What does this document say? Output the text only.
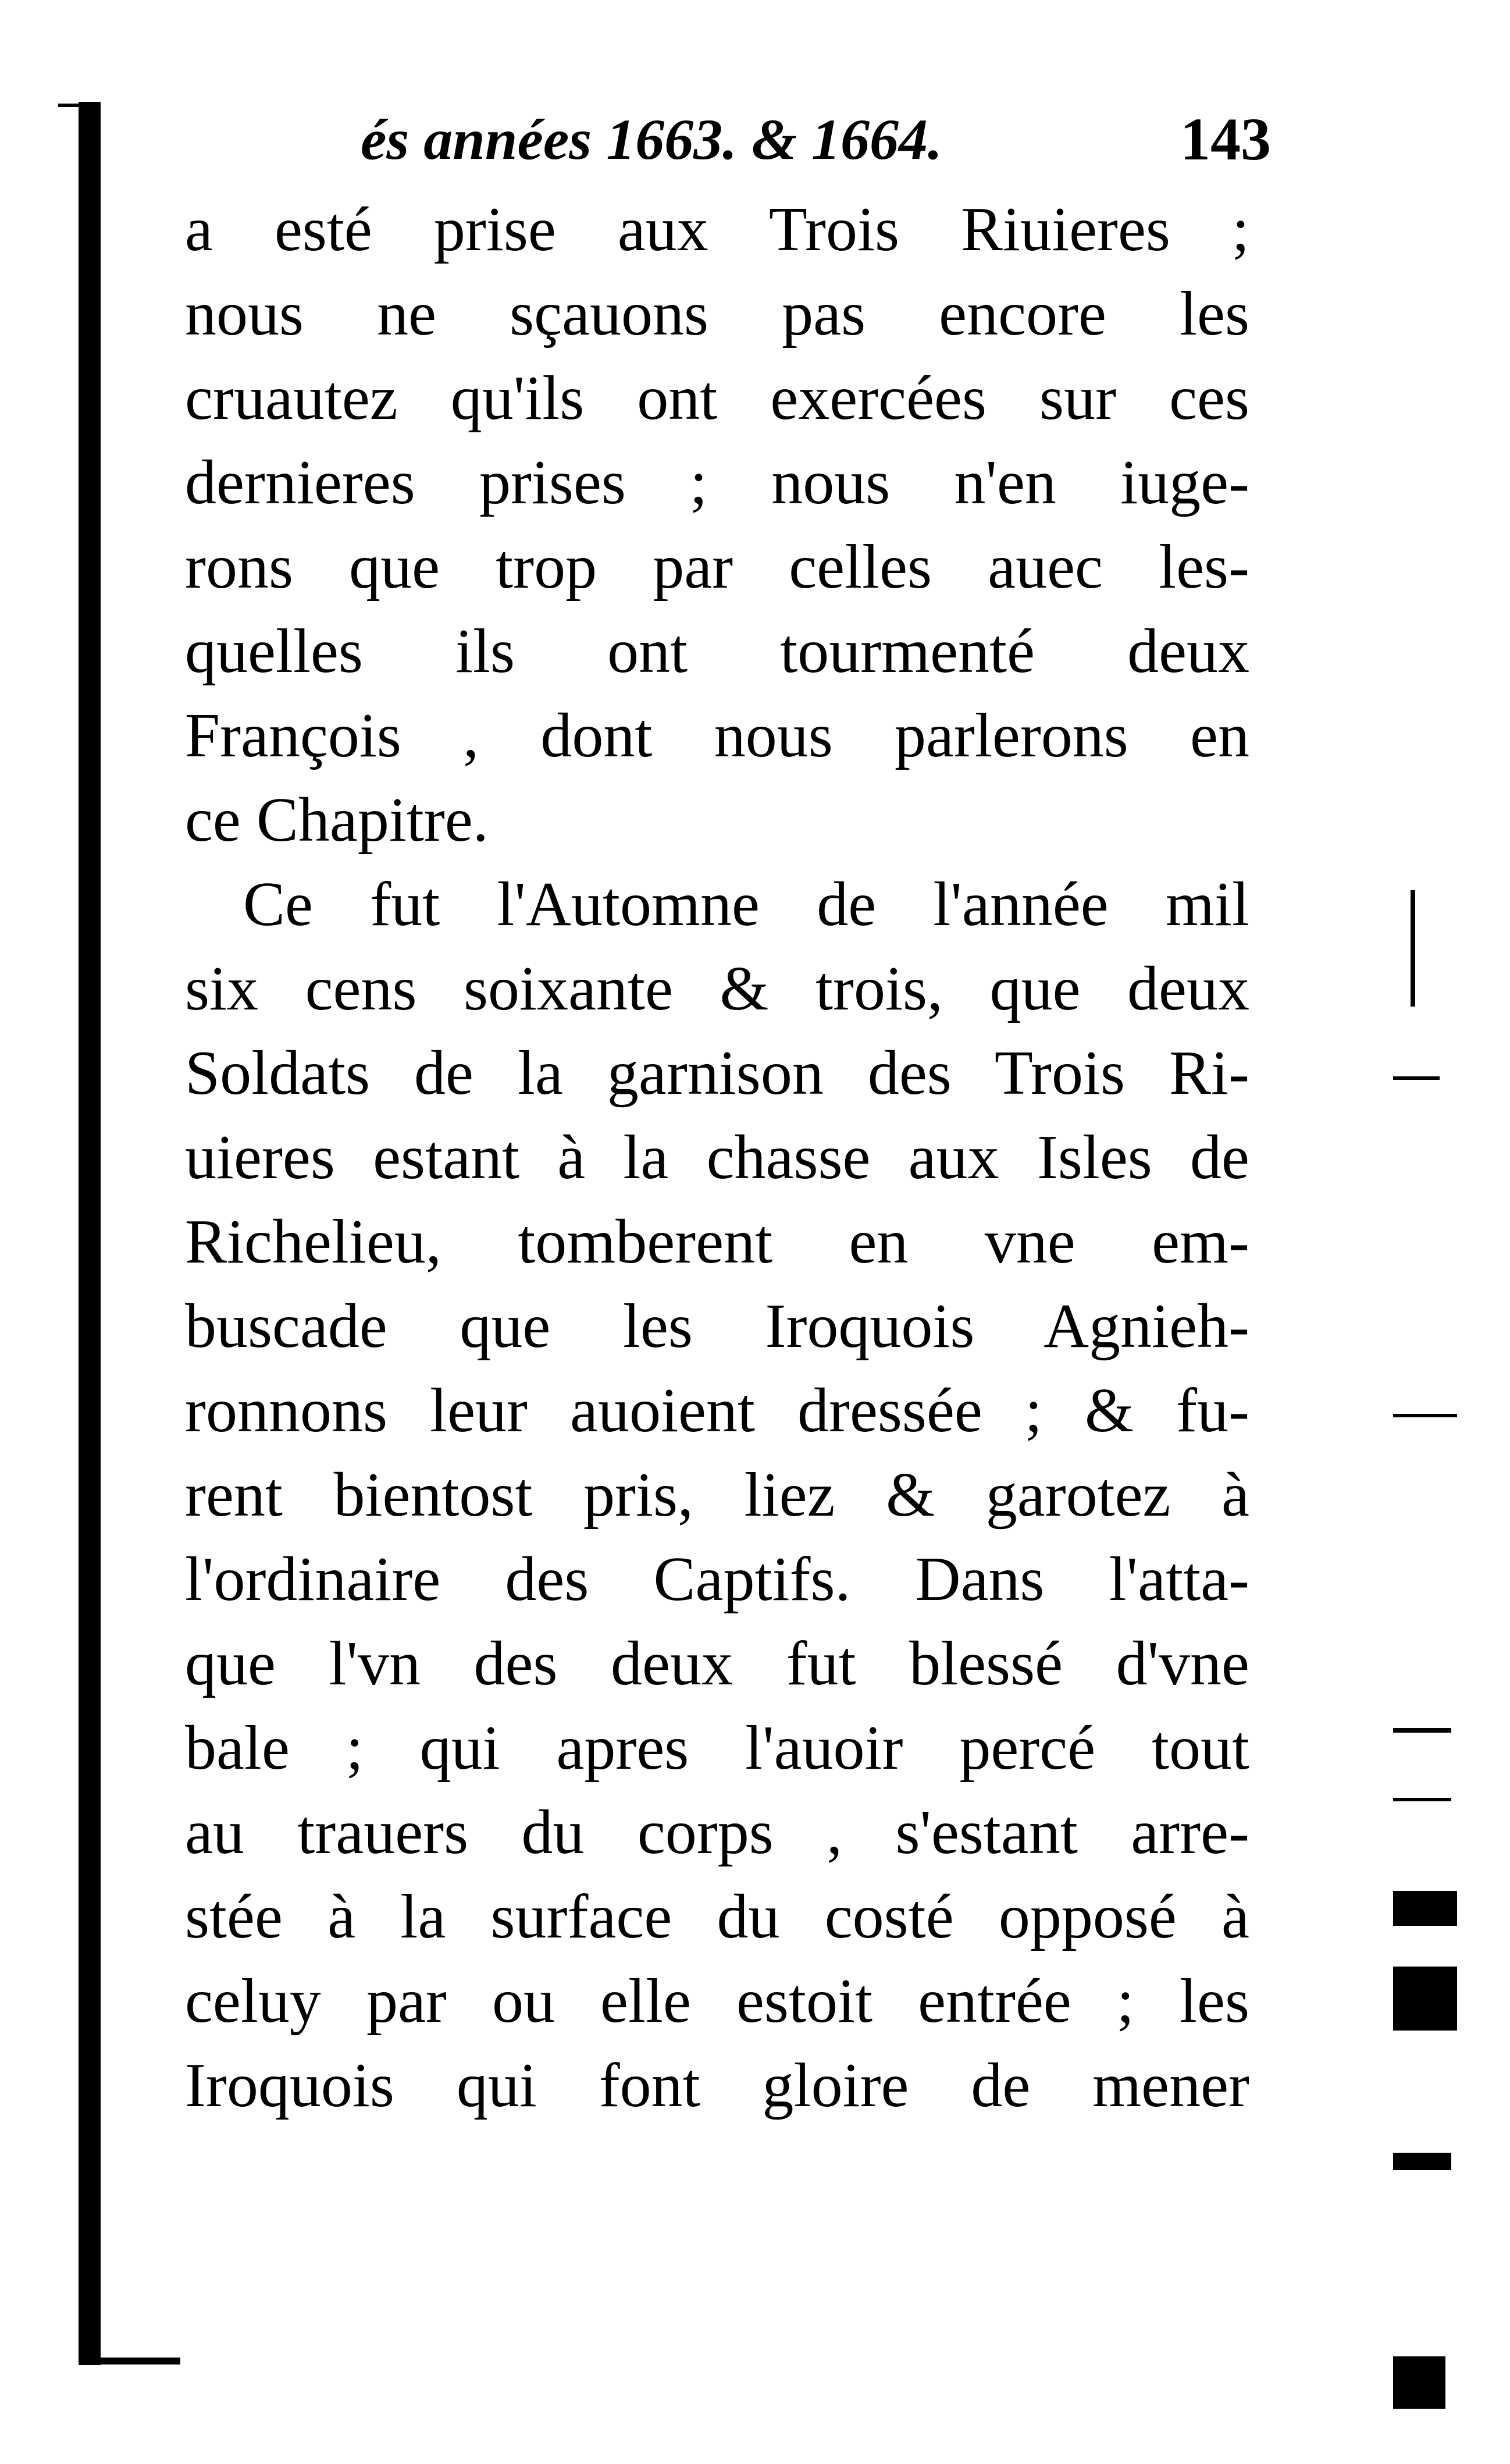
és années 1663. & 1664.	143
a esté prise aux Trois Riuieres ;
nous ne sçauons pas encore les
cruautez qu'ils ont exercées sur ces
dernieres prises ; nous n'en iuge-
rons que trop par celles auec les-
quelles ils ont tourmenté deux
François , dont nous parlerons en
ce Chapitre.
Ce fut l'Automne de l'année mil
six cens soixante & trois, que deux
Soldats de la garnison des Trois Ri-
uieres estant à la chasse aux Isles de
Richelieu, tomberent en vne em-
buscade que les Iroquois Agnieh-
ronnons leur auoient dressée ; & fu-
rent bientost pris, liez & garotez à
l'ordinaire des Captifs. Dans l'atta-
que l'vn des deux fut blessé d'vne
bale ; qui apres l'auoir percé tout
au trauers du corps , s'estant arre-
stée à la surface du costé opposé à
celuy par ou elle estoit entrée ; les
Iroquois qui font gloire de mener
